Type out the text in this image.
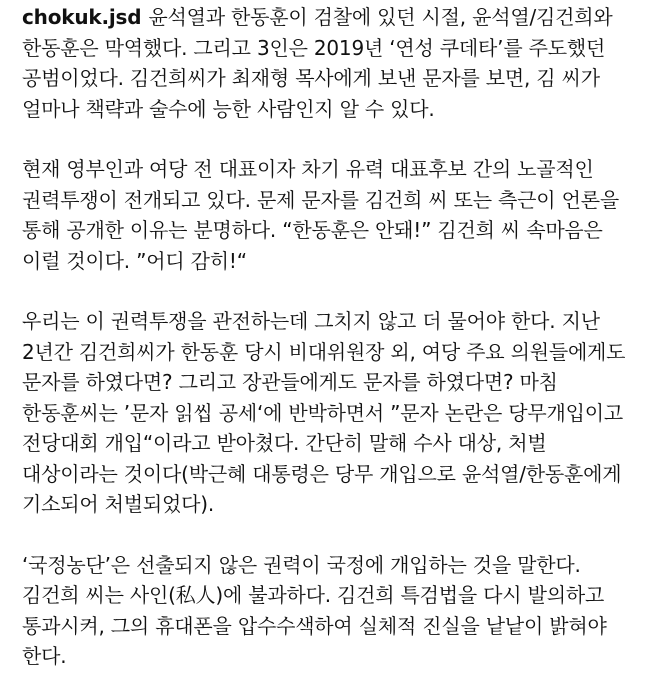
chokuk.jsd 윤석열과 한동훈이 검찰에 있던 시절, 윤석열/김건희와 한동훈은 막역했다. 그리고 3인은 2019년 ‘연성 쿠데타’를 주도했던 공범이었다. 김건희씨가 최재형 목사에게 보낸 문자를 보면, 김 씨가 얼마나 책략과 술수에 능한 사람인지 알 수 있다.

현재 영부인과 여당 전 대표이자 차기 유력 대표후보 간의 노골적인 권력투쟁이 전개되고 있다. 문제 문자를 김건희 씨 또는 측근이 언론을 통해 공개한 이유는 분명하다. “한동훈은 안돼!” 김건희 씨 속마음은 이럴 것이다. ”어디 감히!“

우리는 이 권력투쟁을 관전하는데 그치지 않고 더 물어야 한다. 지난 2년간 김건희씨가 한동훈 당시 비대위원장 외, 여당 주요 의원들에게도 문자를 하였다면? 그리고 장관들에게도 문자를 하였다면? 마침 한동훈씨는 ’문자 읽씹 공세‘에 반박하면서 ”문자 논란은 당무개입이고 전당대회 개입“이라고 받아쳤다. 간단히 말해 수사 대상, 처벌 대상이라는 것이다(박근혜 대통령은 당무 개입으로 윤석열/한동훈에게 기소되어 처벌되었다).

‘국정농단’은 선출되지 않은 권력이 국정에 개입하는 것을 말한다. 김건희 씨는 사인(私人)에 불과하다. 김건희 특검법을 다시 발의하고 통과시켜, 그의 휴대폰을 압수수색하여 실체적 진실을 낱낱이 밝혀야 한다.
